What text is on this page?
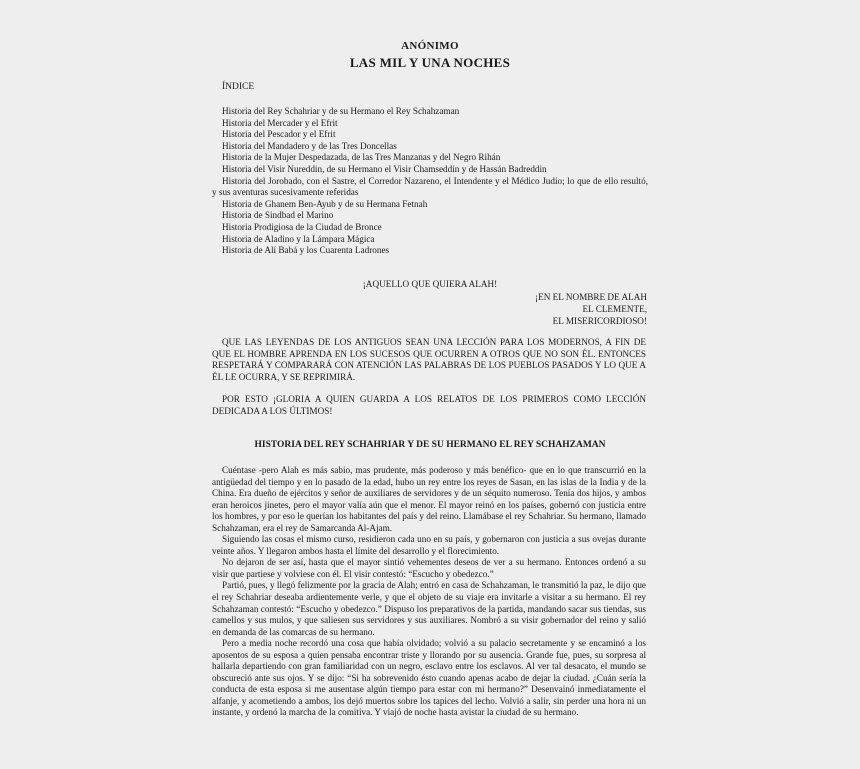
ANÓNIMO
LAS MIL Y UNA NOCHES
ÍNDICE
Historia del Rey Schahriar y de su Hermano el Rey Schahzaman
Historia del Mercader y el Efrit
Historia del Pescador y el Efrit
Historia del Mandadero y de las Tres Doncellas
Historia de la Mujer Despedazada, de las Tres Manzanas y del Negro Rihán
Historia del Visir Nureddin, de su Hermano el Visir Chamseddin y de Hassán Badreddin
Historia del Jorobado, con el Sastre, el Corredor Nazareno, el Intendente y el Médico Judío; lo que de ello resultó, y sus aventuras sucesivamente referidas
Historia de Ghanem Ben-Ayub y de su Hermana Fetnah
Historia de Sindbad el Marino
Historia Prodigiosa de la Ciudad de Bronce
Historia de Aladino y la Lámpara Mágica
Historia de Alí Babá y los Cuarenta Ladrones
¡AQUELLO QUE QUIERA ALAH!
¡EN EL NOMBRE DE ALAH
EL CLEMENTE,
EL MISERICORDIOSO!

QUE LAS LEYENDAS DE LOS ANTIGUOS SEAN UNA LECCIÓN PARA LOS MODERNOS, A FIN DE QUE EL HOMBRE APRENDA EN LOS SUCESOS QUE OCURREN A OTROS QUE NO SON ÉL. ENTONCES RESPETARÁ Y COMPARARÁ CON ATENCIÓN LAS PALABRAS DE LOS PUEBLOS PASADOS Y LO QUE A ÉL LE OCURRA, Y SE REPRIMIRÁ.

POR ESTO ¡GLORIA A QUIEN GUARDA A LOS RELATOS DE LOS PRIMEROS COMO LECCIÓN DEDICADA A LOS ÚLTIMOS!

HISTORIA DEL REY SCHAHRIAR Y DE SU HERMANO EL REY SCHAHZAMAN

Cuéntase -pero Alah es más sabio, mas prudente, más poderoso y más benéfico- que en lo que transcurrió en la antigüedad del tiempo y en lo pasado de la edad, hubo un rey entre los reyes de Sasan, en las islas de la India y de la China. Era dueño de ejércitos y señor de auxiliares de servidores y de un séquito numeroso. Tenía dos hijos, y ambos eran heroicos jinetes, pero el mayor valía aún que el menor. El mayor reinó en los países, gobernó con justicia entre los hombres, y por eso le querían los habitantes del país y del reino. Llamábase el rey Schahriar. Su hermano, llamado Schahzaman, era el rey de Samarcanda Al-Ajam.

Siguiendo las cosas el mismo curso, residieron cada uno en su país, y gobernaron con justicia a sus ovejas durante veinte años. Y llegaron ambos hasta el límite del desarrollo y el florecimiento.

No dejaron de ser así, hasta que el mayor sintió vehementes deseos de ver a su hermano. Entonces ordenó a su visir que partiese y volviese con él. El visir contestó: “Escucho y obedezco.”

Partió, pues, y llegó felizmente por la gracia de Alah; entró en casa de Schahzaman, le transmitió la paz, le dijo que el rey Schahriar deseaba ardientemente verle, y que el objeto de su viaje era invitarle a visitar a su hermano. El rey Schahzaman contestó: “Escucho y obedezco.” Dispuso los preparativos de la partida, mandando sacar sus tiendas, sus camellos y sus mulos, y que saliesen sus servidores y sus auxiliares. Nombró a su visir gobernador del reino y salió en demanda de las comarcas de su hermano.

Pero a media noche recordó una cosa que había olvidado; volvió a su palacio secretamente y se encaminó a los aposentos de su esposa a quien pensaba encontrar triste y llorando por su ausencia. Grande fue, pues, su sorpresa al hallarla departiendo con gran familiaridad con un negro, esclavo entre los esclavos. Al ver tal desacato, el mundo se obscureció ante sus ojos. Y se dijo: “Si ha sobrevenido ésto cuando apenas acabo de dejar la ciudad. ¿Cuán sería la conducta de esta esposa si me ausentase algún tiempo para estar con mi hermano?” Desenvainó inmediatamente el alfanje, y acometiendo a ambos, los dejó muertos sobre los tapices del lecho. Volvió a salir, sin perder una hora ni un instante, y ordenó la marcha de la comitiva. Y viajó de noche hasta avistar la ciudad de su hermano.
